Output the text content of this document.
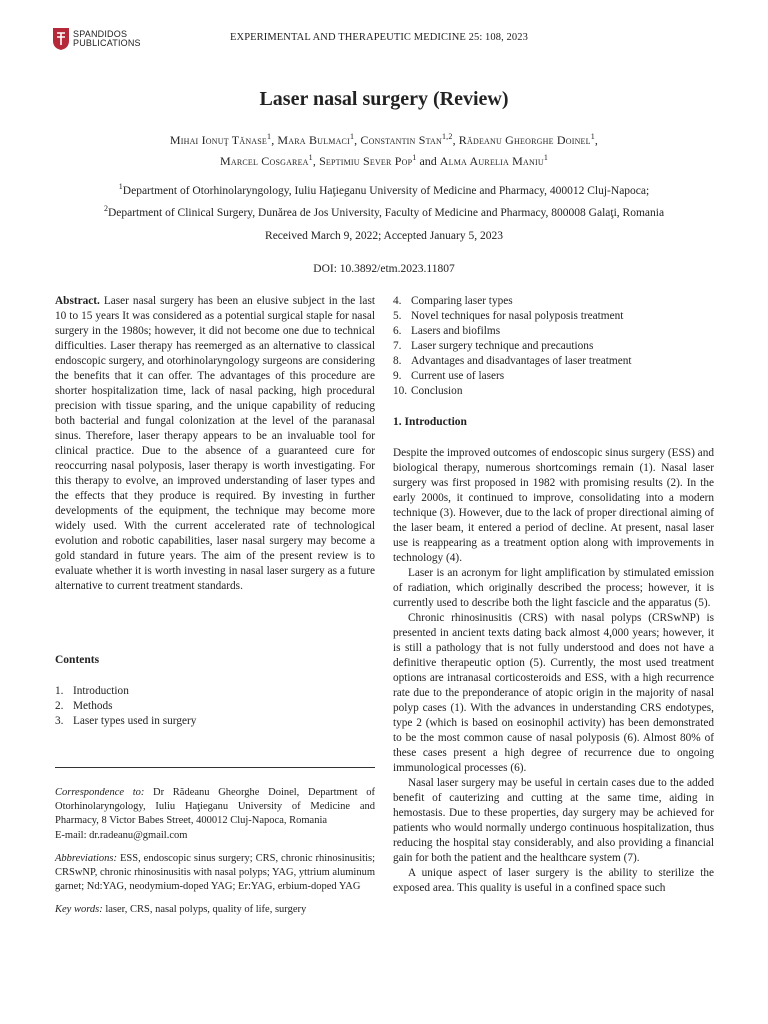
SPANDIDOS
PUBLICATIONS	EXPERIMENTAL AND THERAPEUTIC MEDICINE 25: 108, 2023
Laser nasal surgery (Review)
Mihai Ionuţ Tănase$^1$, Mara Bulmaci$^1$, Constantin Stan$^{1,2}$, Rădeanu Gheorghe Doinel$^1$,
Marcel Cosgarea$^1$, Septimiu Sever Pop$^1$ and Alma Aurelia Maniu$^1$
$^1$Department of Otorhinolaryngology, Iuliu Haţieganu University of Medicine and Pharmacy, 400012 Cluj-Napoca;
$^2$Department of Clinical Surgery, Dunărea de Jos University, Faculty of Medicine and Pharmacy, 800008 Galaţi, Romania
Received March 9, 2022; Accepted January 5, 2023
DOI: 10.3892/etm.2023.11807

Abstract. Laser nasal surgery has been an elusive subject in the last 10 to 15 years It was considered as a potential surgical staple for nasal surgery in the 1980s; however, it did not become one due to technical difficulties. Laser therapy has reemerged as an alternative to classical endoscopic surgery, and otorhinolaryngology surgeons are considering the benefits that it can offer. The advantages of this procedure are shorter hospitalization time, lack of nasal packing, high procedural precision with tissue sparing, and the unique capability of reducing both bacterial and fungal colonization at the level of the paranasal sinus. Therefore, laser therapy appears to be an invaluable tool for clinical practice. Due to the absence of a guaranteed cure for reoccurring nasal polyposis, laser therapy is worth investigating. For this therapy to evolve, an improved understanding of laser types and the effects that they produce is required. By investing in further developments of the equipment, the technique may become more widely used. With the current accelerated rate of technological evolution and robotic capabilities, laser nasal surgery may become a gold standard in future years. The aim of the present review is to evaluate whether it is worth investing in nasal laser surgery as a future alternative to current treatment standards.

Contents
1. Introduction
2. Methods
3. Laser types used in surgery

Correspondence to: Dr Rădeanu Gheorghe Doinel, Department of Otorhinolaryngology, Iuliu Haţieganu University of Medicine and Pharmacy, 8 Victor Babes Street, 400012 Cluj-Napoca, Romania
E-mail: dr.radeanu@gmail.com

Abbreviations: ESS, endoscopic sinus surgery; CRS, chronic rhinosinusitis; CRSwNP, chronic rhinosinusitis with nasal polyps; YAG, yttrium aluminum garnet; Nd:YAG, neodymium-doped YAG; Er:YAG, erbium-doped YAG

Key words: laser, CRS, nasal polyps, quality of life, surgery

4. Comparing laser types
5. Novel techniques for nasal polyposis treatment
6. Lasers and biofilms
7. Laser surgery technique and precautions
8. Advantages and disadvantages of laser treatment
9. Current use of lasers
10. Conclusion
1. Introduction

Despite the improved outcomes of endoscopic sinus surgery (ESS) and biological therapy, numerous shortcomings remain (1). Nasal laser surgery was first proposed in 1982 with promising results (2). In the early 2000s, it continued to improve, consolidating into a modern technique (3). However, due to the lack of proper directional aiming of the laser beam, it entered a period of decline. At present, nasal laser use is reappearing as a treatment option along with improvements in technology (4).

Laser is an acronym for light amplification by stimulated emission of radiation, which originally described the process; however, it is currently used to describe both the light fascicle and the apparatus (5).

Chronic rhinosinusitis (CRS) with nasal polyps (CRSwNP) is presented in ancient texts dating back almost 4,000 years; however, it is still a pathology that is not fully understood and does not have a definitive therapeutic option (5). Currently, the most used treatment options are intranasal corticosteroids and ESS, with a high recurrence rate due to the preponderance of atopic origin in the majority of nasal polyp cases (1). With the advances in understanding CRS endotypes, type 2 (which is based on eosinophil activity) has been demonstrated to be the most common cause of nasal polyposis (6). Almost 80% of these cases present a high degree of recurrence due to ongoing immunological processes (6).

Nasal laser surgery may be useful in certain cases due to the added benefit of cauterizing and cutting at the same time, aiding in hemostasis. Due to these properties, day surgery may be achieved for patients who would normally undergo continuous hospitalization, thus reducing the hospital stay considerably, and also providing a financial gain for both the patient and the healthcare system (7).

A unique aspect of laser surgery is the ability to sterilize the exposed area. This quality is useful in a confined space such
